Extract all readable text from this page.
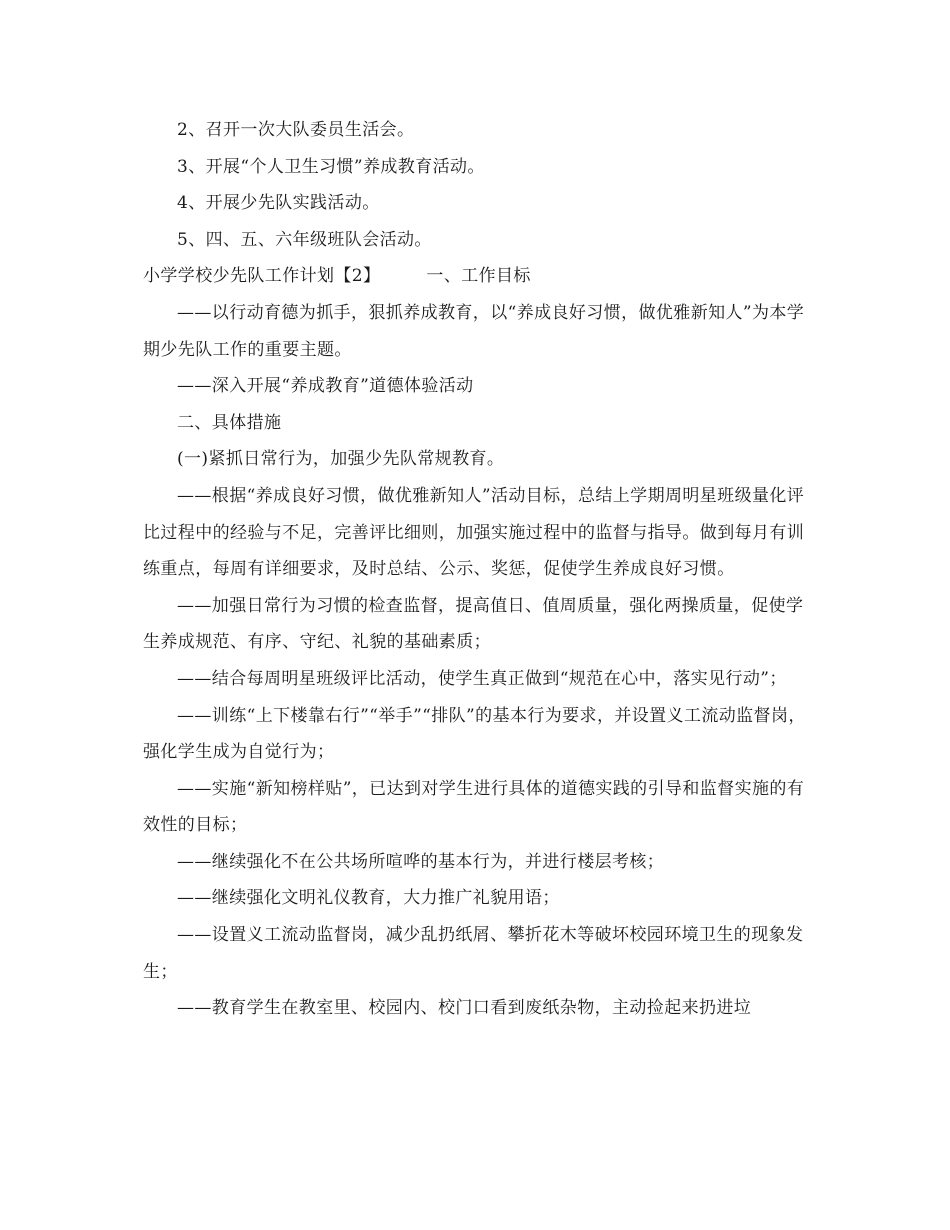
2、召开一次大队委员生活会。

3、开展“个人卫生习惯”养成教育活动。

4、开展少先队实践活动。

5、四、五、六年级班队会活动。

小学学校少先队工作计划【2】	一、工作目标

——以行动育德为抓手，狠抓养成教育，以“养成良好习惯，做优雅新知人”为本学期少先队工作的重要主题。

——深入开展“养成教育”道德体验活动

二、具体措施

(一)紧抓日常行为，加强少先队常规教育。

——根据“养成良好习惯，做优雅新知人”活动目标，总结上学期周明星班级量化评比过程中的经验与不足，完善评比细则，加强实施过程中的监督与指导。做到每月有训练重点，每周有详细要求，及时总结、公示、奖惩，促使学生养成良好习惯。

——加强日常行为习惯的检查监督，提高值日、值周质量，强化两操质量，促使学生养成规范、有序、守纪、礼貌的基础素质；

——结合每周明星班级评比活动，使学生真正做到“规范在心中，落实见行动”；

——训练“上下楼靠右行”“举手”“排队”的基本行为要求，并设置义工流动监督岗，强化学生成为自觉行为；

——实施“新知榜样贴”，已达到对学生进行具体的道德实践的引导和监督实施的有效性的目标；

——继续强化不在公共场所喧哗的基本行为，并进行楼层考核；

——继续强化文明礼仪教育，大力推广礼貌用语；

——设置义工流动监督岗，减少乱扔纸屑、攀折花木等破坏校园环境卫生的现象发生；

——教育学生在教室里、校园内、校门口看到废纸杂物，主动捡起来扔进垃
